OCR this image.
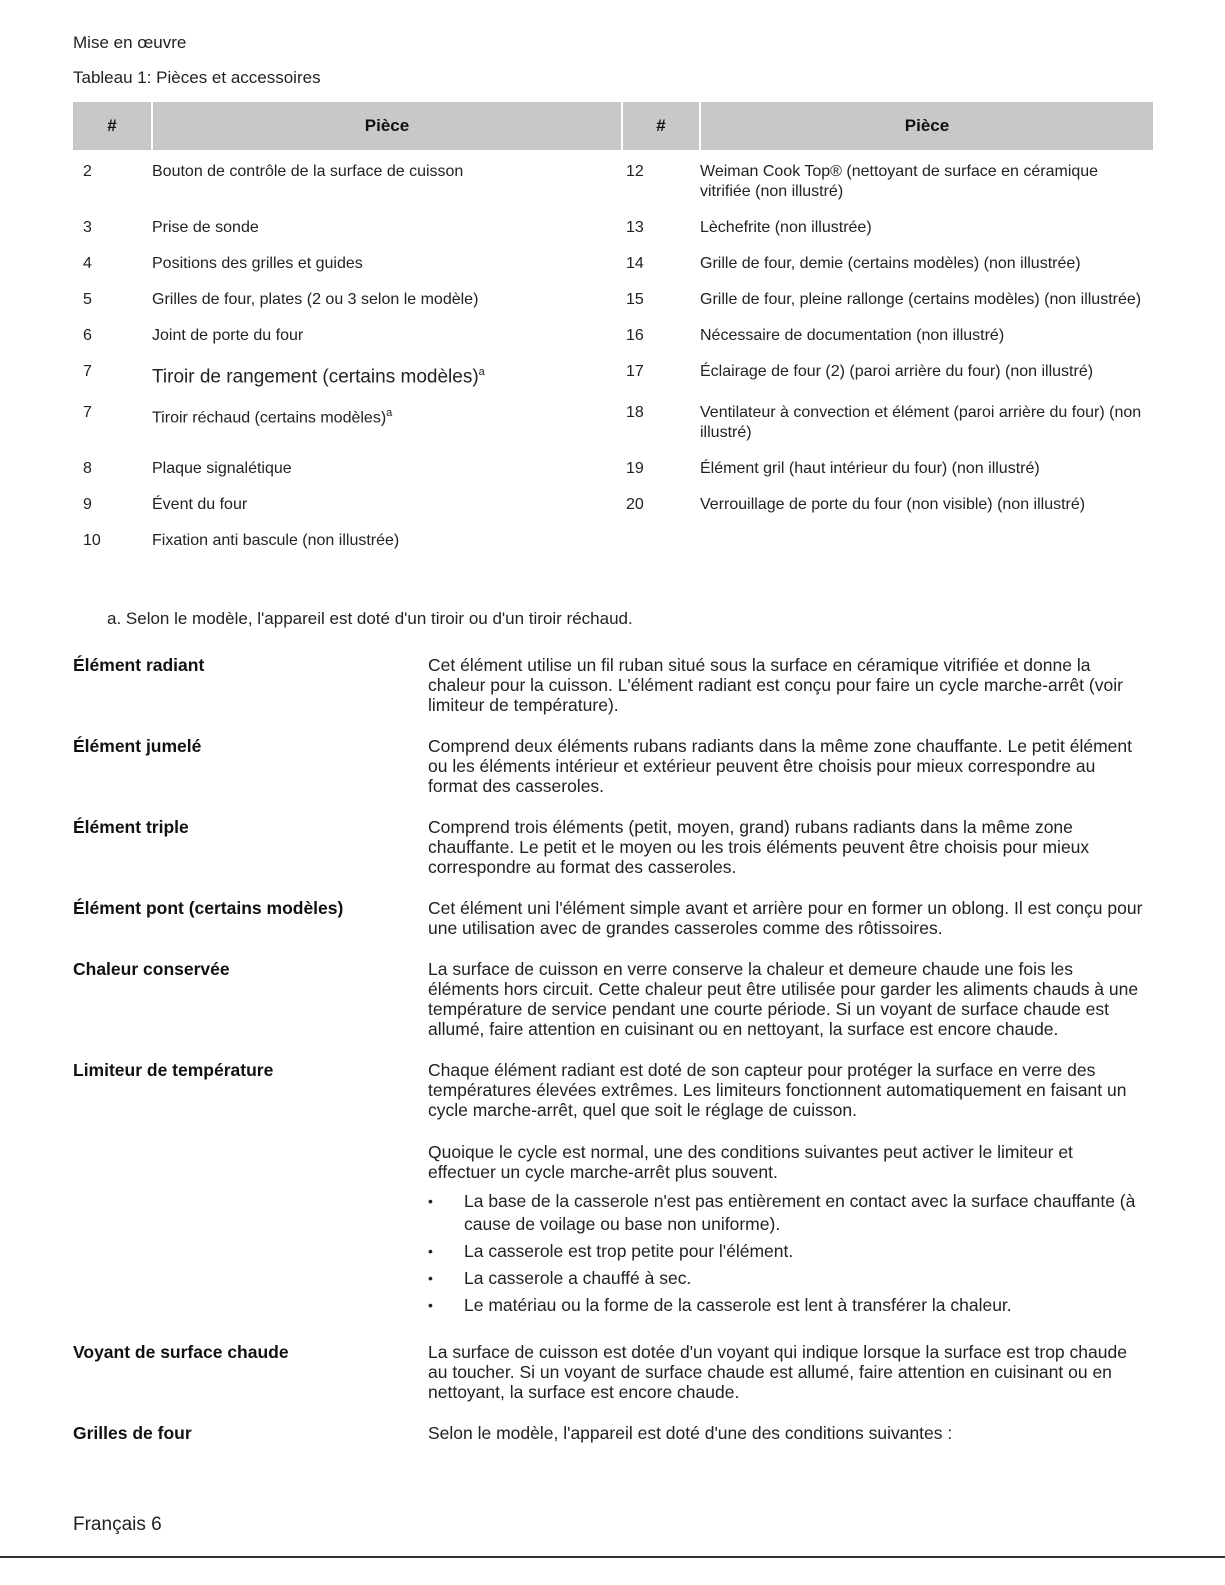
Mise en œuvre
Tableau 1: Pièces et accessoires
#	Pièce	#	Pièce
2	Bouton de contrôle de la surface de cuisson	12	Weiman Cook Top® (nettoyant de surface en céramique vitrifiée (non illustré)
3	Prise de sonde	13	Lèchefrite (non illustrée)
4	Positions des grilles et guides	14	Grille de four, demie (certains modèles) (non illustrée)
5	Grilles de four, plates (2 ou 3 selon le modèle)	15	Grille de four, pleine rallonge (certains modèles) (non illustrée)
6	Joint de porte du four	16	Nécessaire de documentation (non illustré)
7	Tiroir de rangement (certains modèles)$^a$	17	Éclairage de four (2) (paroi arrière du four) (non illustré)
7	Tiroir réchaud (certains modèles)$^a$	18	Ventilateur à convection et élément (paroi arrière du four) (non illustré)
8	Plaque signalétique	19	Élément gril (haut intérieur du four) (non illustré)
9	Évent du four	20	Verrouillage de porte du four (non visible) (non illustré)
10	Fixation anti bascule (non illustrée)		
a. Selon le modèle, l'appareil est doté d'un tiroir ou d'un tiroir réchaud.
Élément radiant	Cet élément utilise un fil ruban situé sous la surface en céramique vitrifiée et donne la chaleur pour la cuisson. L'élément radiant est conçu pour faire un cycle marche-arrêt (voir limiteur de température).

Élément jumelé	Comprend deux éléments rubans radiants dans la même zone chauffante. Le petit élément ou les éléments intérieur et extérieur peuvent être choisis pour mieux correspondre au format des casseroles.

Élément triple	Comprend trois éléments (petit, moyen, grand) rubans radiants dans la même zone chauffante. Le petit et le moyen ou les trois éléments peuvent être choisis pour mieux correspondre au format des casseroles.

Élément pont (certains modèles)	Cet élément uni l'élément simple avant et arrière pour en former un oblong. Il est conçu pour une utilisation avec de grandes casseroles comme des rôtissoires.

Chaleur conservée	La surface de cuisson en verre conserve la chaleur et demeure chaude une fois les éléments hors circuit. Cette chaleur peut être utilisée pour garder les aliments chauds à une température de service pendant une courte période. Si un voyant de surface chaude est allumé, faire attention en cuisinant ou en nettoyant, la surface est encore chaude.

Limiteur de température	Chaque élément radiant est doté de son capteur pour protéger la surface en verre des températures élevées extrêmes. Les limiteurs fonctionnent automatiquement en faisant un cycle marche-arrêt, quel que soit le réglage de cuisson.

Quoique le cycle est normal, une des conditions suivantes peut activer le limiteur et effectuer un cycle marche-arrêt plus souvent.

• La base de la casserole n'est pas entièrement en contact avec la surface chauffante (à cause de voilage ou base non uniforme).
• La casserole est trop petite pour l'élément.
• La casserole a chauffé à sec.
• Le matériau ou la forme de la casserole est lent à transférer la chaleur.
Voyant de surface chaude	La surface de cuisson est dotée d'un voyant qui indique lorsque la surface est trop chaude au toucher. Si un voyant de surface chaude est allumé, faire attention en cuisinant ou en nettoyant, la surface est encore chaude.

Grilles de four	Selon le modèle, l'appareil est doté d'une des conditions suivantes :

Français 6
